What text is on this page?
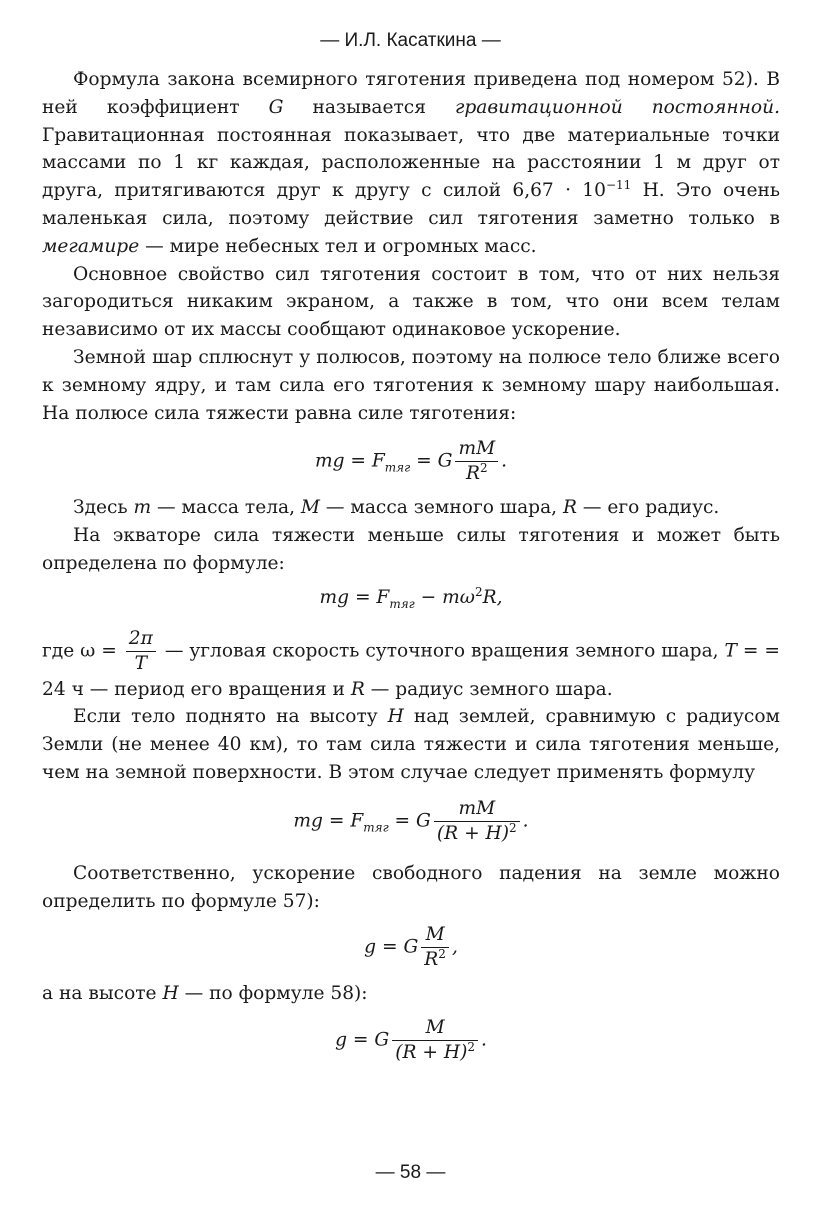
— И.Л. Касаткина —

Формула закона всемирного тяготения приведена под номером 52). В ней коэффициент G называется гравитационной постоянной. Гравитационная постоянная показывает, что две материальные точки массами по 1 кг каждая, расположенные на расстоянии 1 м друг от друга, притягиваются друг к другу с силой $6,67 \cdot 10^{-11}$ Н. Это очень маленькая сила, поэтому действие сил тяготения заметно только в мегамире — мире небесных тел и огромных масс.

Основное свойство сил тяготения состоит в том, что от них нельзя загородиться никаким экраном, а также в том, что они всем телам независимо от их массы сообщают одинаковое ускорение.

Земной шар сплюснут у полюсов, поэтому на полюсе тело ближе всего к земному ядру, и там сила его тяготения к земному шару наибольшая. На полюсе сила тяжести равна силе тяготения:

mg = $F_{тяг} = G \frac{mM}{R^2}$ .

Здесь m — масса тела, M — масса земного шара, R — его радиус.

На экваторе сила тяжести меньше силы тяготения и может быть определена по формуле:

mg = $F_{тяг} - m\omega^2R$,

где $\omega = \frac{2\pi}{T}$ — угловая скорость суточного вращения земного шара, T = = 24 ч — период его вращения и R — радиус земного шара.

Если тело поднято на высоту H над землей, сравнимую с радиусом Земли (не менее 40 км), то там сила тяжести и сила тяготения меньше, чем на земной поверхности. В этом случае следует применять формулу

mg = $F_{тяг} = G \frac{mM}{(R + H)^2}$ .

Соответственно, ускорение свободного падения на земле можно определить по формуле 57):

g = G $\frac{M}{R^2}$ ,

а на высоте H — по формуле 58):

g = G $\frac{M}{(R + H)^2}$ .
— 58 —
